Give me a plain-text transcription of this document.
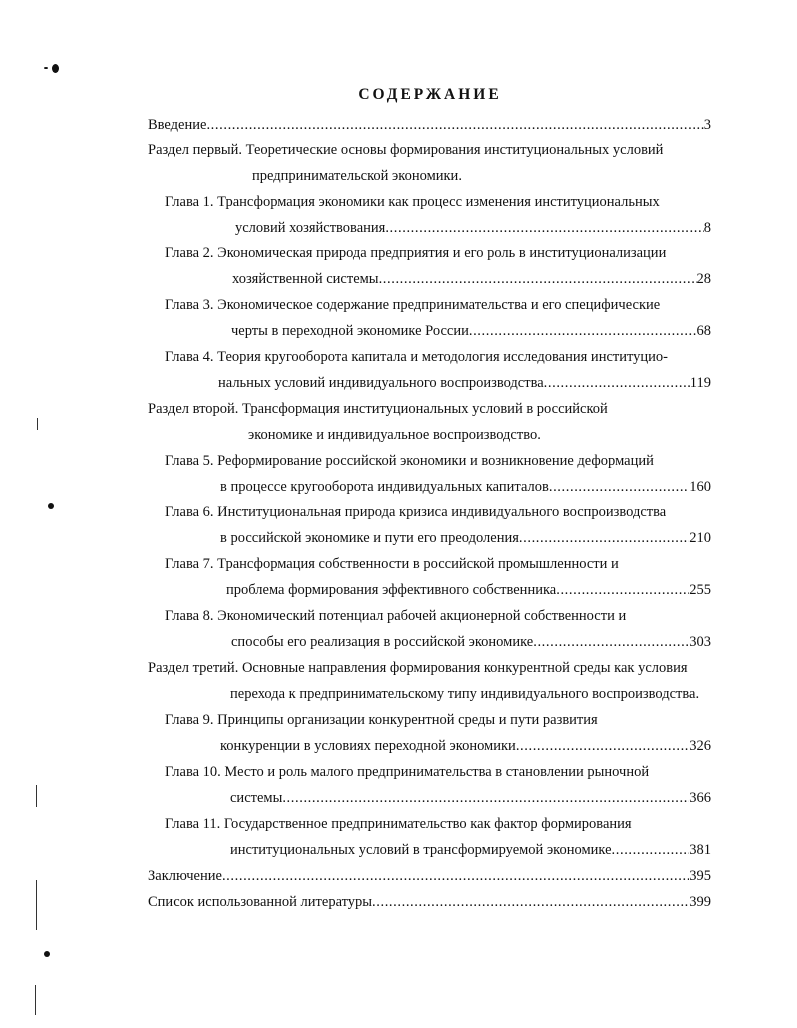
СОДЕРЖАНИЕ
Введение .....	3
Раздел первый. Теоретические основы формирования институциональных условий
предпринимательской экономики.
Глава 1. Трансформация экономики как процесс изменения институциональных
условий хозяйствования .....	8
Глава 2. Экономическая природа предприятия и его роль в институционализации
хозяйственной системы .....	28
Глава 3. Экономическое содержание предпринимательства и его специфические
черты в переходной экономике России .....	68
Глава 4. Теория кругооборота капитала и методология исследования институцио-
нальных условий индивидуального воспроизводства .....	119
Раздел второй. Трансформация институциональных условий в российской
экономике и индивидуальное воспроизводство.
Глава 5. Реформирование российской экономики и возникновение деформаций
в процессе кругооборота индивидуальных капиталов .....	160
Глава 6. Институциональная природа кризиса индивидуального воспроизводства
в российской экономике и пути его преодоления .....	210
Глава 7. Трансформация собственности в российской промышленности и
проблема формирования эффективного собственника .....	255
Глава 8. Экономический потенциал рабочей акционерной собственности и
способы его реализация в российской экономике .....	303
Раздел третий. Основные направления формирования конкурентной среды как условия
перехода к предпринимательскому типу индивидуального воспроизводства.
Глава 9. Принципы организации конкурентной среды и пути развития
конкуренции в условиях переходной экономики .....	326
Глава 10. Место и роль малого предпринимательства в становлении рыночной
системы .....	366
Глава 11. Государственное предпринимательство как фактор формирования
институциональных условий в трансформируемой экономике .....	381
Заключение .....	395
Список использованной литературы .....	399
